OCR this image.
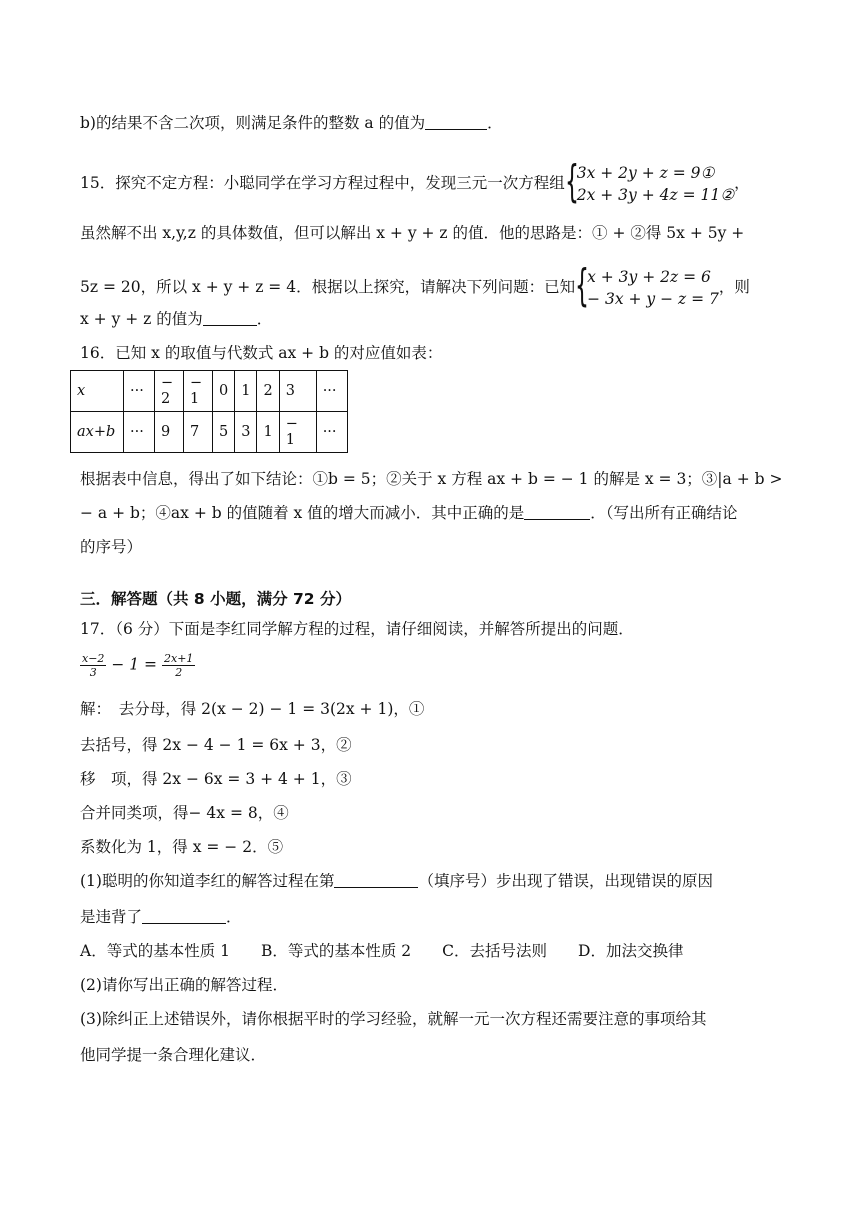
b)的结果不含二次项，则满足条件的整数 a 的值为	．
15．探究不定方程：小聪同学在学习方程过程中，发现三元一次方程组 {
3x + 2y + z = 9①
2x + 3y + 4z = 11②
，
虽然解不出 x,y,z 的具体数值，但可以解出 x + y + z 的值．他的思路是：① + ②得 5x + 5y +
5z = 20，所以 x + y + z = 4．根据以上探究，请解决下列问题：已知 {
x + 3y + 2z = 6
− 3x + y − z = 7
，则
x + y + z 的值为	．
16．已知 x 的取值与代数式 ax + b 的对应值如表：
x	···	− 2	− 1	0	1	2	3	···
ax+b	···	9	7	5	3	1	− 1	···
根据表中信息，得出了如下结论：①b = 5；②关于 x 方程 ax + b = − 1 的解是 x = 3；③|a + b >
− a + b；④ax + b 的值随着 x 值的增大而减小．其中正确的是	．（写出所有正确结论
的序号）
三．解答题（共 8 小题，满分 72 分）
17．（6 分）下面是李红同学解方程的过程，请仔细阅读，并解答所提出的问题．
$\frac{x-2}{3} - 1 = \frac{2x+1}{2}$
解：　去分母，得 2(x − 2) − 1 = 3(2x + 1)，①
去括号，得 2x − 4 − 1 = 6x + 3，②
移　项，得 2x − 6x = 3 + 4 + 1，③
合并同类项，得− 4x = 8，④
系数化为 1，得 x = − 2．⑤
(1)聪明的你知道李红的解答过程在第	（填序号）步出现了错误，出现错误的原因
是违背了	．
A．等式的基本性质 1　　B．等式的基本性质 2　　C．去括号法则　　D．加法交换律
(2)请你写出正确的解答过程．
(3)除纠正上述错误外，请你根据平时的学习经验，就解一元一次方程还需要注意的事项给其
他同学提一条合理化建议．
